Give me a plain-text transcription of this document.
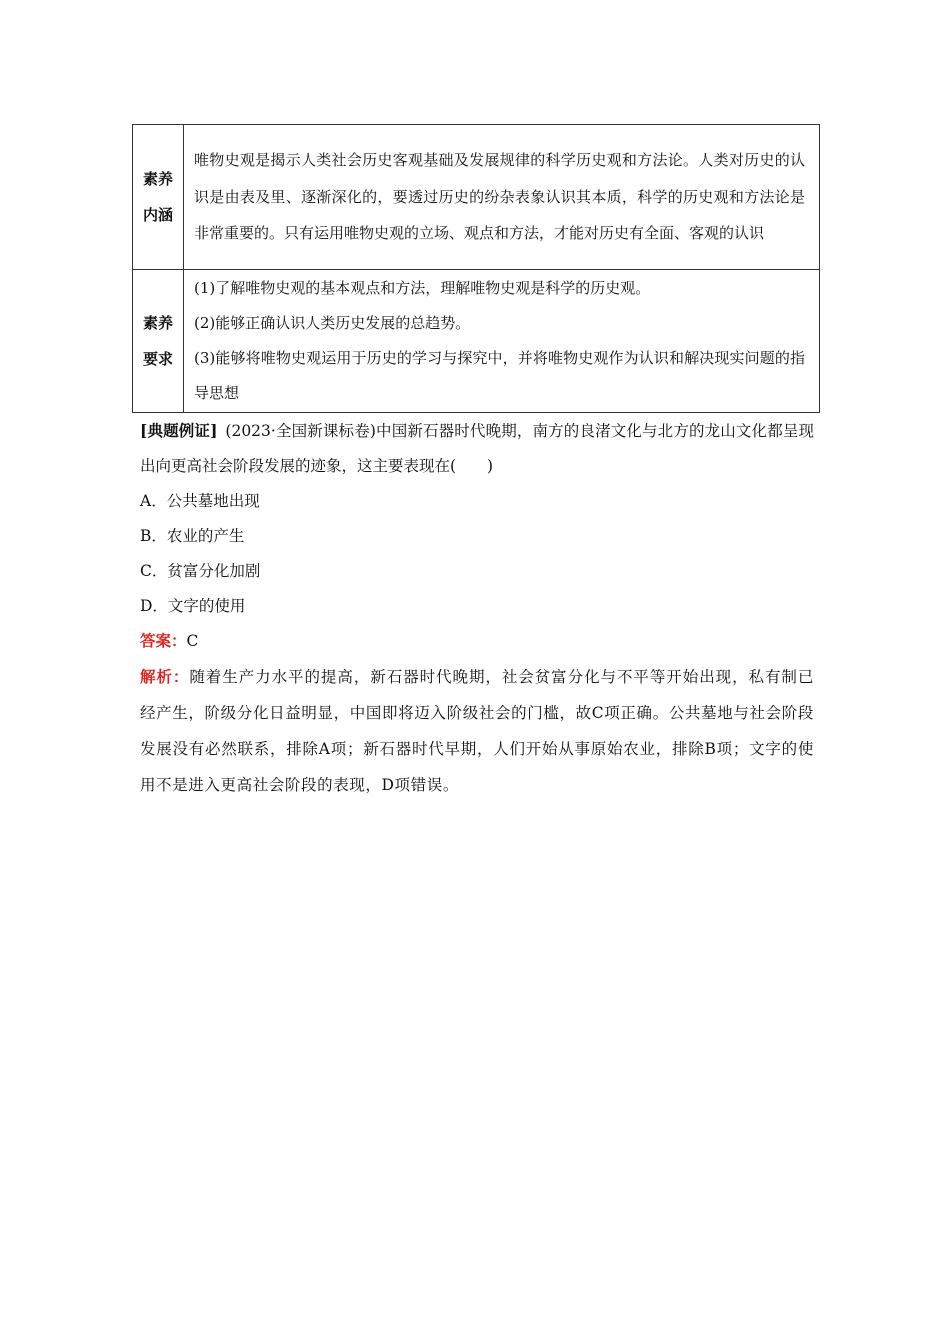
素养
内涵	唯物史观是揭示人类社会历史客观基础及发展规律的科学历史观和方法论。人类对历史的认识是由表及里、逐渐深化的，要透过历史的纷杂表象认识其本质，科学的历史观和方法论是非常重要的。只有运用唯物史观的立场、观点和方法，才能对历史有全面、客观的认识

素养
要求	(1)了解唯物史观的基本观点和方法，理解唯物史观是科学的历史观。
(2)能够正确认识人类历史发展的总趋势。
(3)能够将唯物史观运用于历史的学习与探究中，并将唯物史观作为认识和解决现实问题的指导思想

[典题例证] (2023·全国新课标卷)中国新石器时代晚期，南方的良渚文化与北方的龙山文化都呈现出向更高社会阶段发展的迹象，这主要表现在(　　)

A．公共墓地出现

B．农业的产生

C．贫富分化加剧

D．文字的使用

答案：C

解析：随着生产力水平的提高，新石器时代晚期，社会贫富分化与不平等开始出现，私有制已经产生，阶级分化日益明显，中国即将迈入阶级社会的门槛，故C项正确。公共墓地与社会阶段发展没有必然联系，排除A项；新石器时代早期，人们开始从事原始农业，排除B项；文字的使用不是进入更高社会阶段的表现，D项错误。
